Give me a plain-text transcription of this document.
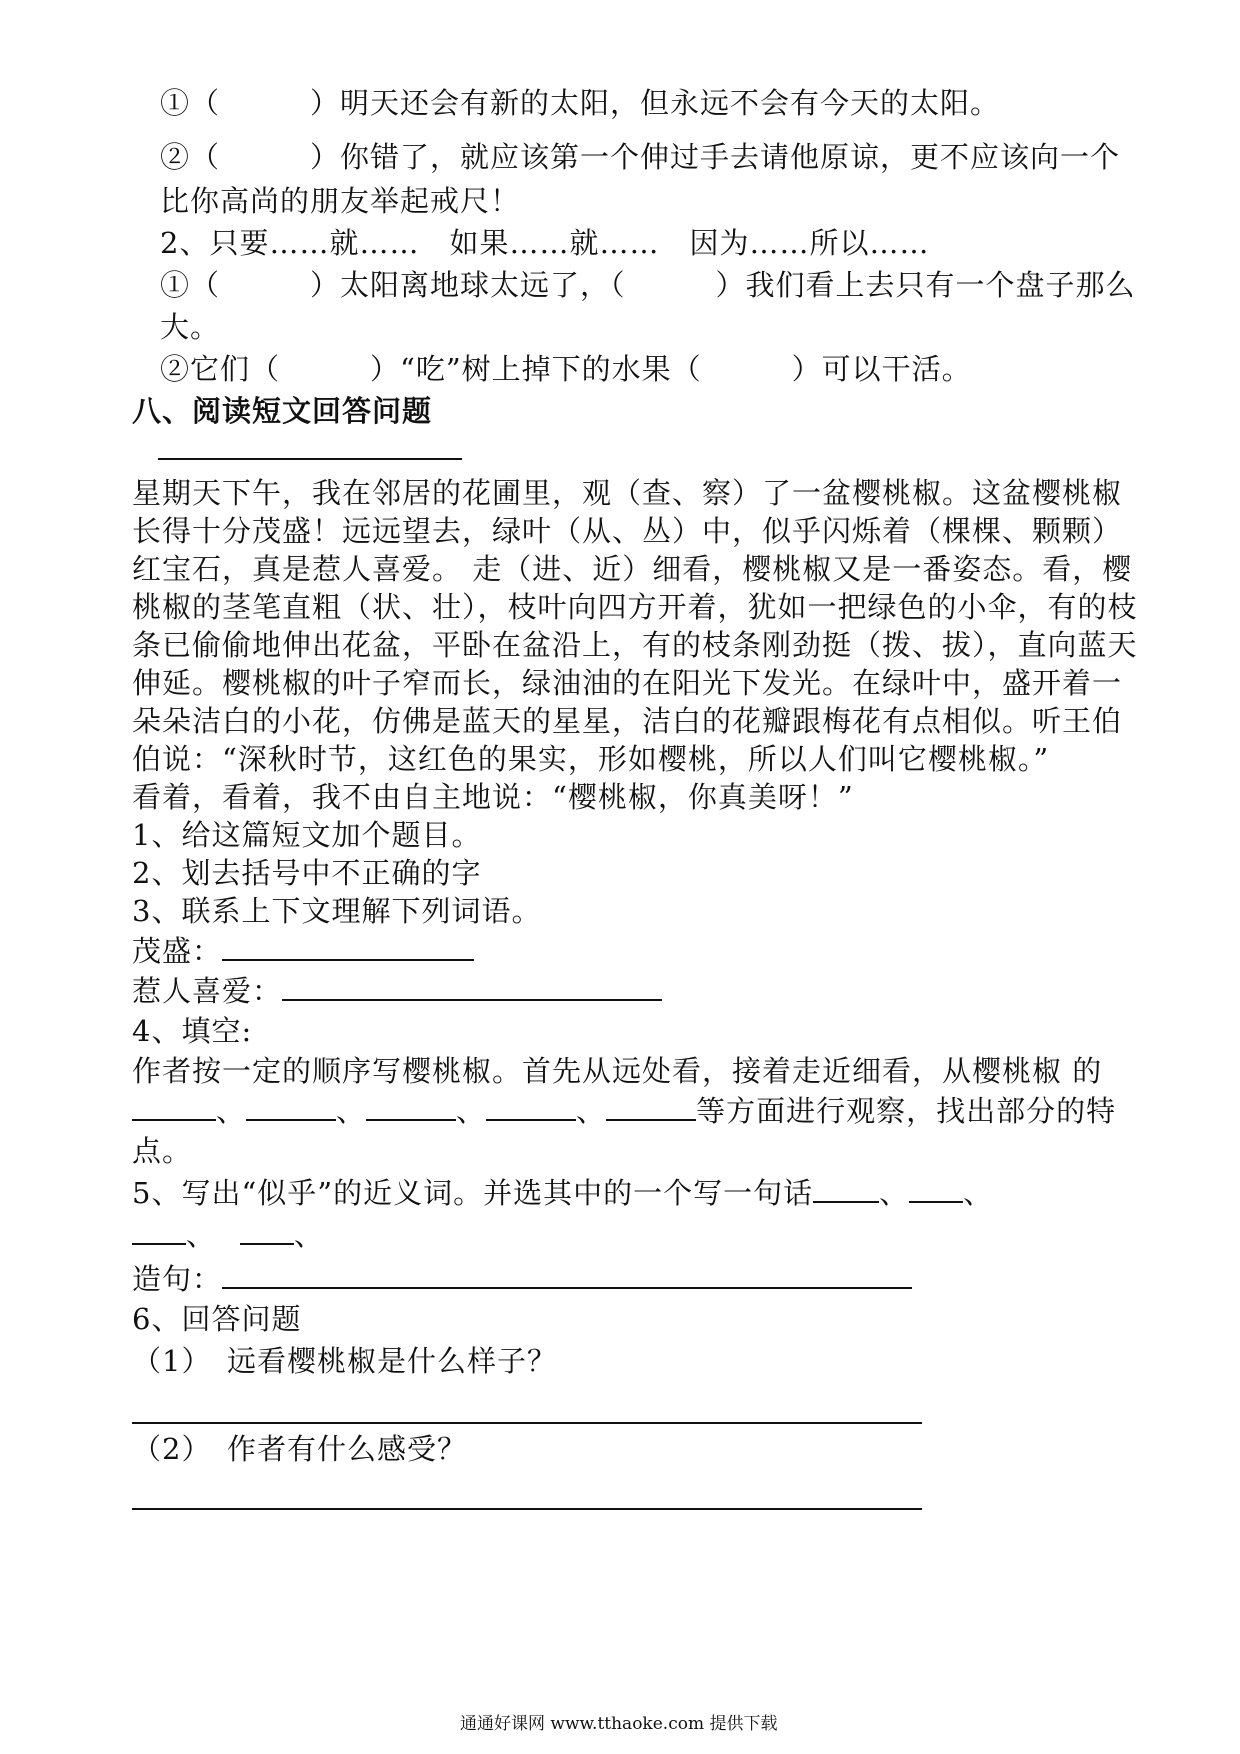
①（　　　）明天还会有新的太阳，但永远不会有今天的太阳。
②（　　　）你错了，就应该第一个伸过手去请他原谅，更不应该向一个
比你高尚的朋友举起戒尺！
2、只要……就……　如果……就……　因为……所以……
①（　　　）太阳离地球太远了，（　　　）我们看上去只有一个盘子那么
大。
②它们（　　　）“吃”树上掉下的水果（　　　）可以干活。
八、阅读短文回答问题
星期天下午，我在邻居的花圃里，观（查、察）了一盆樱桃椒。这盆樱桃椒
长得十分茂盛！远远望去，绿叶（从、丛）中，似乎闪烁着（棵棵、颗颗）
红宝石，真是惹人喜爱。 走（进、近）细看，樱桃椒又是一番姿态。看，樱
桃椒的茎笔直粗（状、壮），枝叶向四方开着，犹如一把绿色的小伞，有的枝
条已偷偷地伸出花盆，平卧在盆沿上，有的枝条刚劲挺（拨、拔），直向蓝天
伸延。樱桃椒的叶子窄而长，绿油油的在阳光下发光。在绿叶中，盛开着一
朵朵洁白的小花，仿佛是蓝天的星星，洁白的花瓣跟梅花有点相似。听王伯
伯说：“深秋时节，这红色的果实，形如樱桃，所以人们叫它樱桃椒。”
看着，看着，我不由自主地说：“樱桃椒，你真美呀！”
1、给这篇短文加个题目。
2、划去括号中不正确的字
3、联系上下文理解下列词语。
茂盛：
惹人喜爱：
4、填空:
作者按一定的顺序写樱桃椒。首先从远处看，接着走近细看，从樱桃椒 的
、	、	、	、	等方面进行观察，找出部分的特
点。
5、写出“似乎”的近义词。并选其中的一个写一句话 、 、
、	、
造句：
6、回答问题
（1）　远看樱桃椒是什么样子？
（2）　作者有什么感受？
通通好课网 www.tthaoke.com 提供下载
